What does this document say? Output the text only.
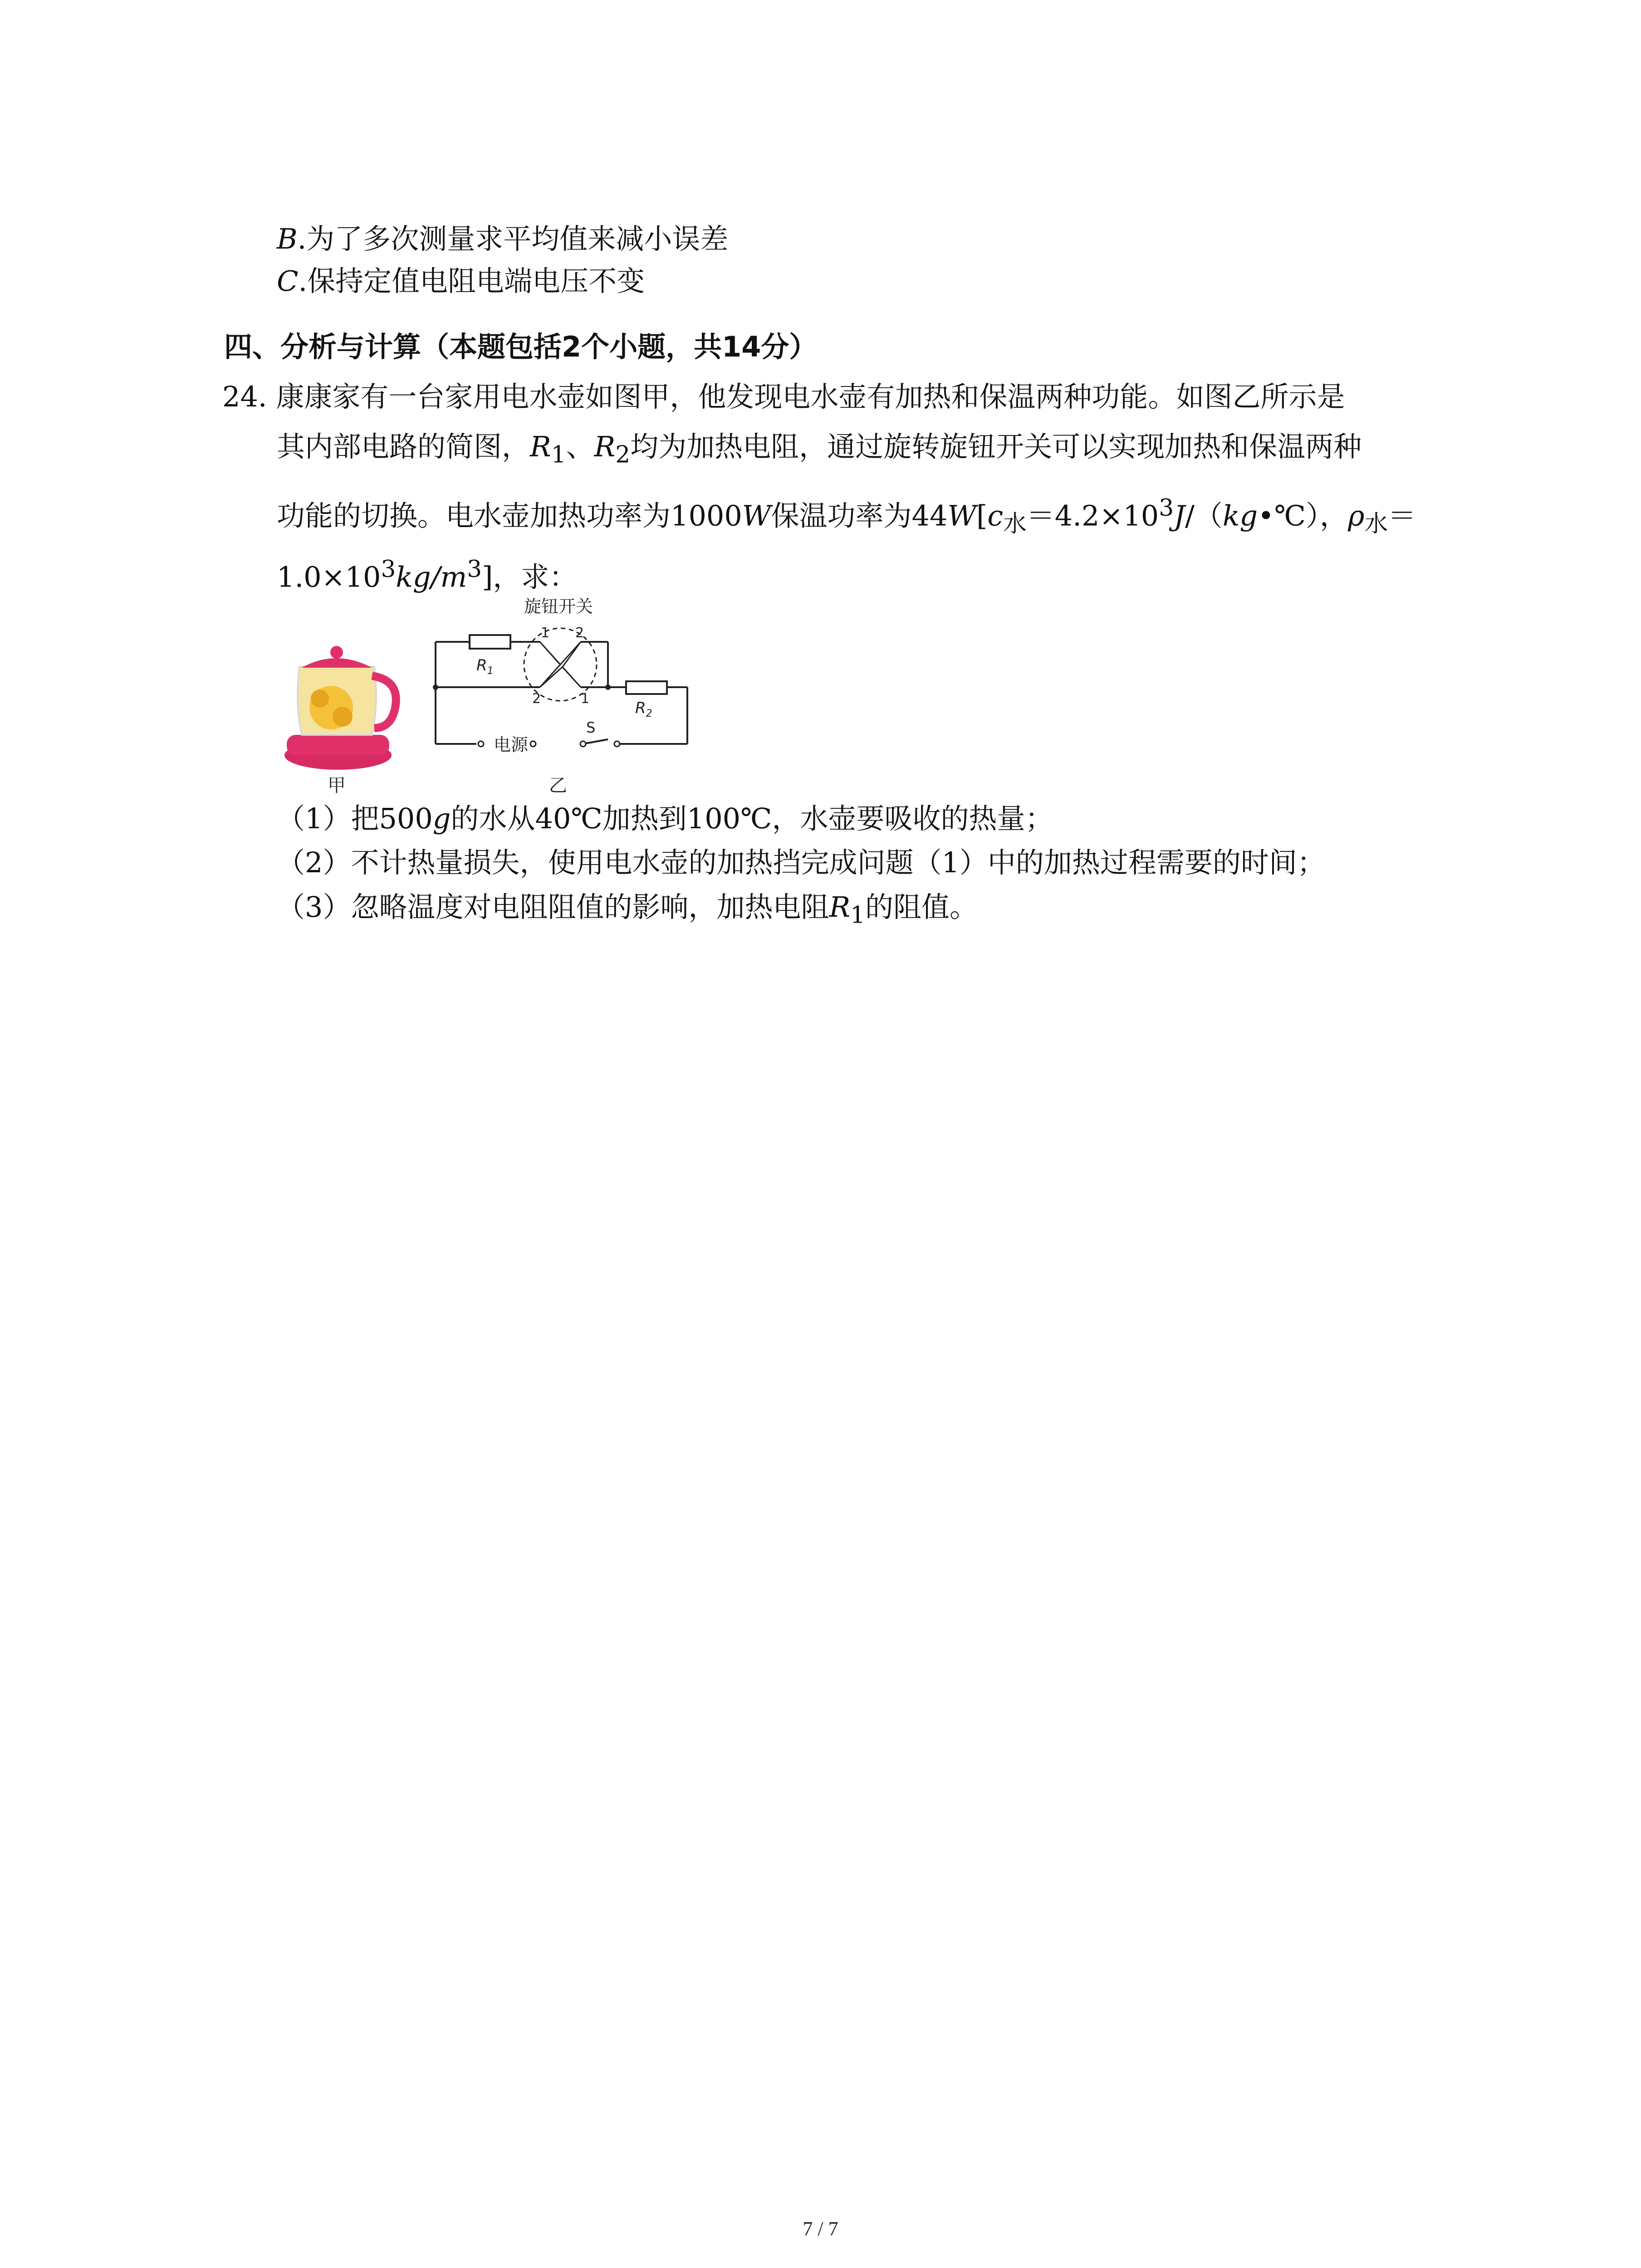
B.为了多次测量求平均值来减小误差
C.保持定值电阻电端电压不变
四、分析与计算（本题包括2个小题，共14分）
24. 康康家有一台家用电水壶如图甲，他发现电水壶有加热和保温两种功能。如图乙所示是
其内部电路的简图，$R_1$、$R_2$均为加热电阻，通过旋转旋钮开关可以实现加热和保温两种
功能的切换。电水壶加热功率为1000W保温功率为$44W[c_水=4.2\times 10^3J/(kg•℃)$，$\rho_水=$
$1.0\times 10^3kg/m^3$]，求：
甲
旋钮开关
$R_1$
$R_2$
1 2
2	1
电源
S
乙
（1）把500g的水从40℃加热到100℃，水壶要吸收的热量；
（2）不计热量损失，使用电水壶的加热挡完成问题（1）中的加热过程需要的时间；
（3）忽略温度对电阻阻值的影响，加热电阻$R_1$的阻值。
7 / 7
